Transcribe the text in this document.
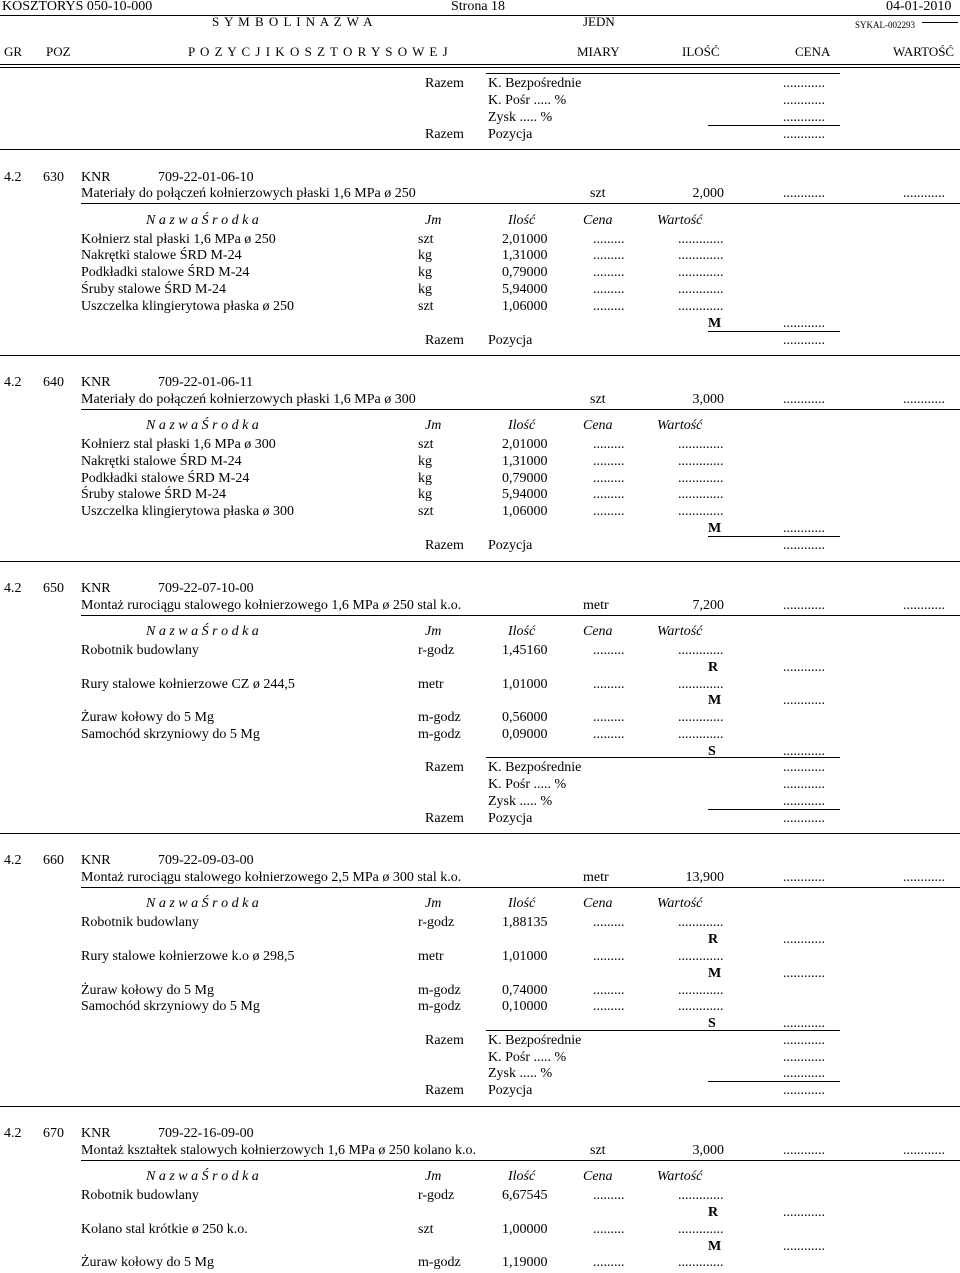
KOSZTORYS 050-10-000	Strona 18	04-01-2010
S Y M B O L I N A Z W A	JEDN	SYKAL-002293
GR POZ	P O Z Y C J I K O S Z T O R Y S O W E J	MIARY	ILOŚĆ	CENA	WARTOŚĆ
Razem K. Bezpośrednie	............
K. Pośr ..... %	............
Zysk ..... %	............
Razem Pozycja	............
4.2 630 KNR	709-22-01-06-10
Materiały do połączeń kołnierzowych płaski 1,6 MPa ø 250	szt	2,000	............	............
N a z w a Ś r o d k a	Jm	Ilość	Cena	Wartość
Kołnierz stal płaski 1,6 MPa ø 250	szt	2,01000	.........	.............
Nakrętki stalowe ŚRD M-24	kg	1,31000	.........	.............
Podkładki stalowe ŚRD M-24	kg	0,79000	.........	.............
Śruby stalowe ŚRD M-24	kg	5,94000	.........	.............
Uszczelka klingierytowa płaska ø 250	szt	1,06000	.........	.............
M	............
Razem Pozycja	............
4.2 640 KNR	709-22-01-06-11
Materiały do połączeń kołnierzowych płaski 1,6 MPa ø 300	szt	3,000	............	............
N a z w a Ś r o d k a	Jm	Ilość	Cena	Wartość
Kołnierz stal płaski 1,6 MPa ø 300	szt	2,01000	.........	.............
Nakrętki stalowe ŚRD M-24	kg	1,31000	.........	.............
Podkładki stalowe ŚRD M-24	kg	0,79000	.........	.............
Śruby stalowe ŚRD M-24	kg	5,94000	.........	.............
Uszczelka klingierytowa płaska ø 300	szt	1,06000	.........	.............
M	............
Razem Pozycja	............
4.2 650 KNR	709-22-07-10-00
Montaż rurociągu stalowego kołnierzowego 1,6 MPa ø 250 stal k.o.	metr	7,200	............	............
N a z w a Ś r o d k a	Jm	Ilość	Cena	Wartość
Robotnik budowlany	r-godz	1,45160	.........	.............
R	............
Rury stalowe kołnierzowe CZ ø 244,5	metr	1,01000	.........	.............
M	............
Żuraw kołowy do 5 Mg	m-godz	0,56000	.........	.............
Samochód skrzyniowy do 5 Mg	m-godz	0,09000	.........	.............
S	............
Razem K. Bezpośrednie	............
K. Pośr ..... %	............
Zysk ..... %	............
Razem Pozycja	............
4.2 660 KNR	709-22-09-03-00
Montaż rurociągu stalowego kołnierzowego 2,5 MPa ø 300 stal k.o.	metr	13,900	............	............
N a z w a Ś r o d k a	Jm	Ilość	Cena	Wartość
Robotnik budowlany	r-godz	1,88135	.........	.............
R	............
Rury stalowe kołnierzowe k.o ø 298,5	metr	1,01000	.........	.............
M	............
Żuraw kołowy do 5 Mg	m-godz	0,74000	.........	.............
Samochód skrzyniowy do 5 Mg	m-godz	0,10000	.........	.............
S	............
Razem K. Bezpośrednie	............
K. Pośr ..... %	............
Zysk ..... %	............
Razem Pozycja	............
4.2 670 KNR	709-22-16-09-00
Montaż kształtek stalowych kołnierzowych 1,6 MPa ø 250 kolano k.o.	szt	3,000	............	............
N a z w a Ś r o d k a	Jm	Ilość	Cena	Wartość
Robotnik budowlany	r-godz	6,67545	.........	.............
R	............
Kolano stal krótkie ø 250 k.o.	szt	1,00000	.........	.............
M	............
Żuraw kołowy do 5 Mg	m-godz	1,19000	.........	.............
